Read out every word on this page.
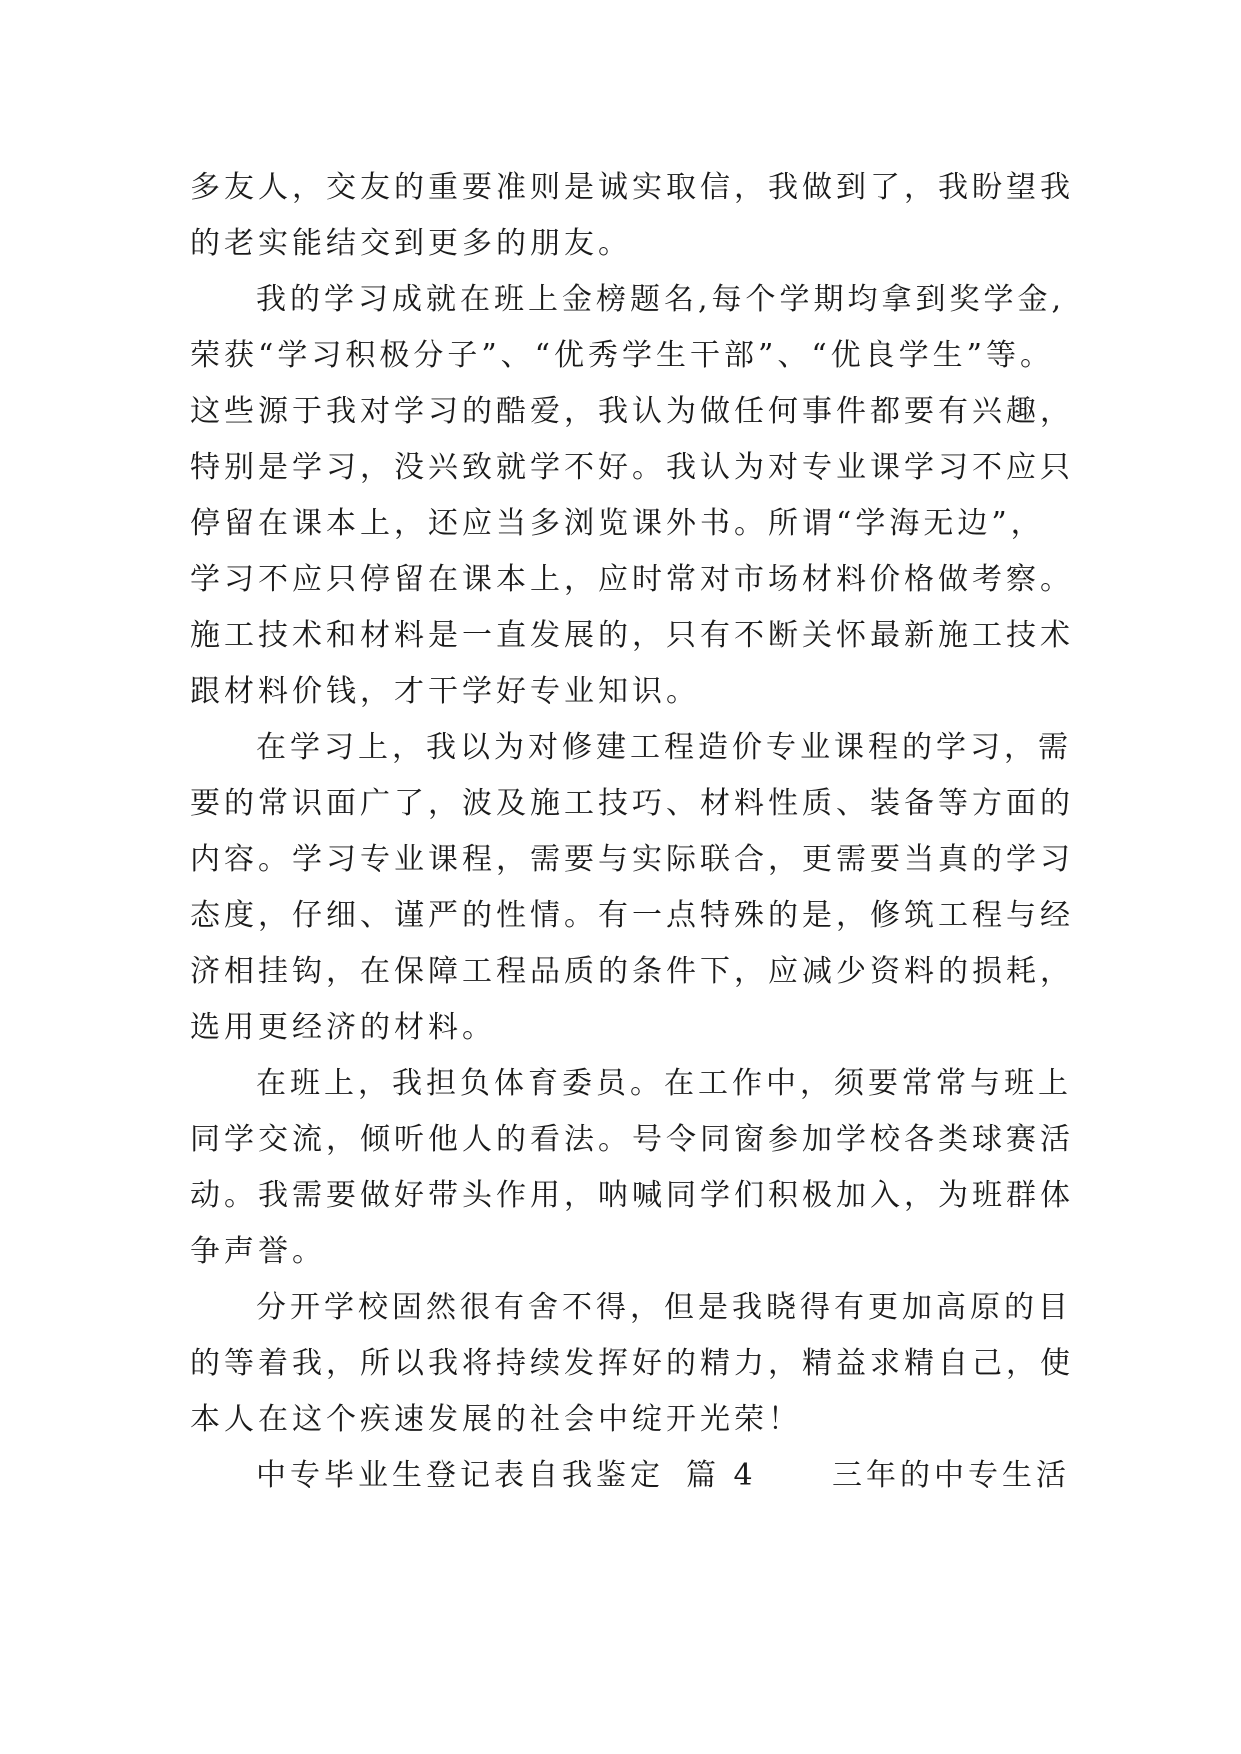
多友人，交友的重要准则是诚实取信，我做到了，我盼望我
的老实能结交到更多的朋友。
我的学习成就在班上金榜题名,每个学期均拿到奖学金,
荣获“学习积极分子”、“优秀学生干部”、“优良学生”等。
这些源于我对学习的酷爱，我认为做任何事件都要有兴趣，
特别是学习，没兴致就学不好。我认为对专业课学习不应只
停留在课本上，还应当多浏览课外书。所谓“学海无边”，
学习不应只停留在课本上，应时常对市场材料价格做考察。
施工技术和材料是一直发展的，只有不断关怀最新施工技术
跟材料价钱，才干学好专业知识。
在学习上，我以为对修建工程造价专业课程的学习，需
要的常识面广了，波及施工技巧、材料性质、装备等方面的
内容。学习专业课程，需要与实际联合，更需要当真的学习
态度，仔细、谨严的性情。有一点特殊的是，修筑工程与经
济相挂钩，在保障工程品质的条件下，应减少资料的损耗，
选用更经济的材料。
在班上，我担负体育委员。在工作中，须要常常与班上
同学交流，倾听他人的看法。号令同窗参加学校各类球赛活
动。我需要做好带头作用，呐喊同学们积极加入，为班群体
争声誉。
分开学校固然很有舍不得，但是我晓得有更加高原的目
的等着我，所以我将持续发挥好的精力，精益求精自己，使
本人在这个疾速发展的社会中绽开光荣！
中专毕业生登记表自我鉴定 篇 4	三年的中专生活
